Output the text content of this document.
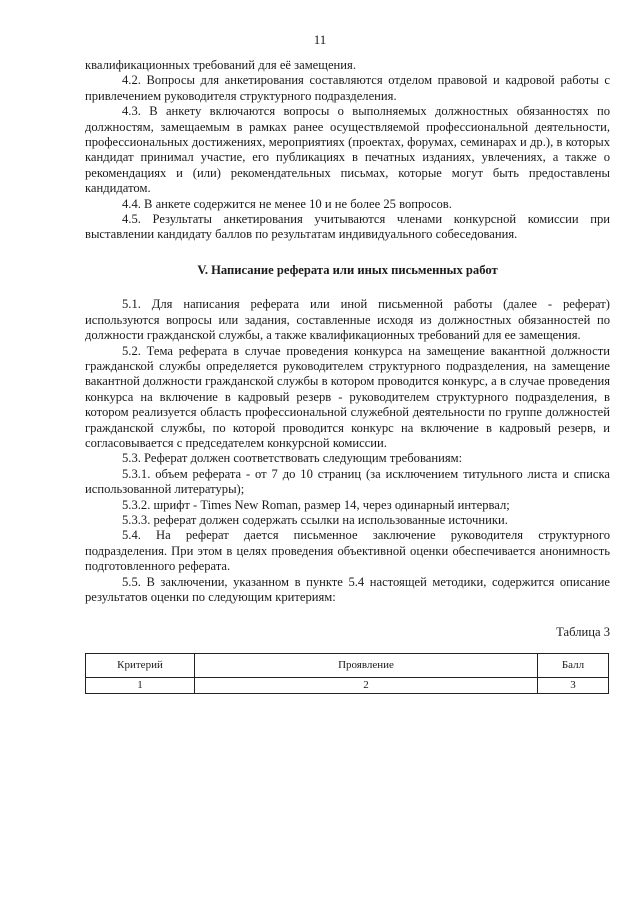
11

квалификационных требований для её замещения.

4.2. Вопросы для анкетирования составляются отделом правовой и кадровой работы с привлечением руководителя структурного подразделения.

4.3. В анкету включаются вопросы о выполняемых должностных обязанностях по должностям, замещаемым в рамках ранее осуществляемой профессиональной деятельности, профессиональных достижениях, мероприятиях (проектах, форумах, семинарах и др.), в которых кандидат принимал участие, его публикациях в печатных изданиях, увлечениях, а также о рекомендациях и (или) рекомендательных письмах, которые могут быть предоставлены кандидатом.

4.4. В анкете содержится не менее 10 и не более 25 вопросов.

4.5. Результаты анкетирования учитываются членами конкурсной комиссии при выставлении кандидату баллов по результатам индивидуального собеседования.

V. Написание реферата или иных письменных работ

5.1. Для написания реферата или иной письменной работы (далее - реферат) используются вопросы или задания, составленные исходя из должностных обязанностей по должности гражданской службы, а также квалификационных требований для ее замещения.

5.2. Тема реферата в случае проведения конкурса на замещение вакантной должности гражданской службы определяется руководителем структурного подразделения, на замещение вакантной должности гражданской службы в котором проводится конкурс, а в случае проведения конкурса на включение в кадровый резерв - руководителем структурного подразделения, в котором реализуется область профессиональной служебной деятельности по группе должностей гражданской службы, по которой проводится конкурс на включение в кадровый резерв, и согласовывается с председателем конкурсной комиссии.

5.3. Реферат должен соответствовать следующим требованиям:

5.3.1. объем реферата - от 7 до 10 страниц (за исключением титульного листа и списка использованной литературы);

5.3.2. шрифт - Times New Roman, размер 14, через одинарный интервал;

5.3.3. реферат должен содержать ссылки на использованные источники.

5.4. На реферат дается письменное заключение руководителя структурного подразделения. При этом в целях проведения объективной оценки обеспечивается анонимность подготовленного реферата.

5.5. В заключении, указанном в пункте 5.4 настоящей методики, содержится описание результатов оценки по следующим критериям:

Таблица 3

Критерий	Проявление	Балл
1	2	3
